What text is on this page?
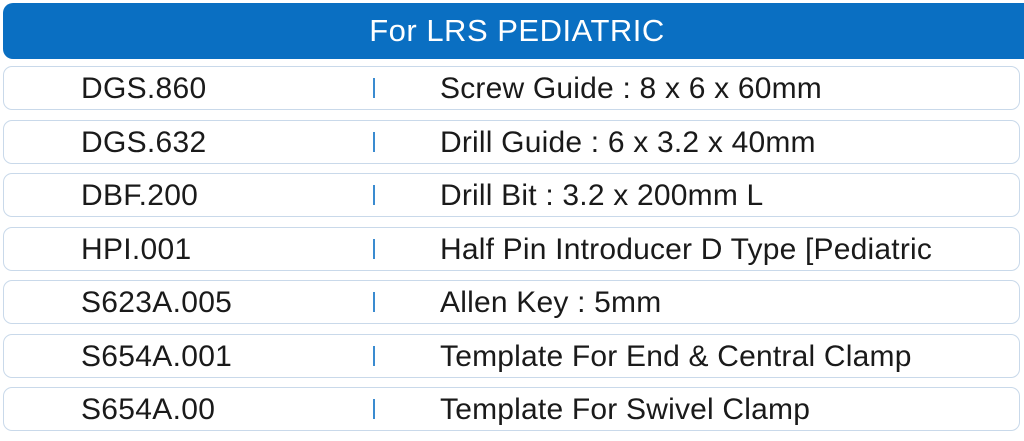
For LRS PEDIATRIC
DGS.860	Screw Guide : 8 x 6 x 60mm
DGS.632	Drill Guide : 6 x 3.2 x 40mm
DBF.200	Drill Bit : 3.2 x 200mm L
HPI.001	Half Pin Introducer D Type [Pediatric
S623A.005	Allen Key : 5mm
S654A.001	Template For End & Central Clamp
S654A.00	Template For Swivel Clamp
